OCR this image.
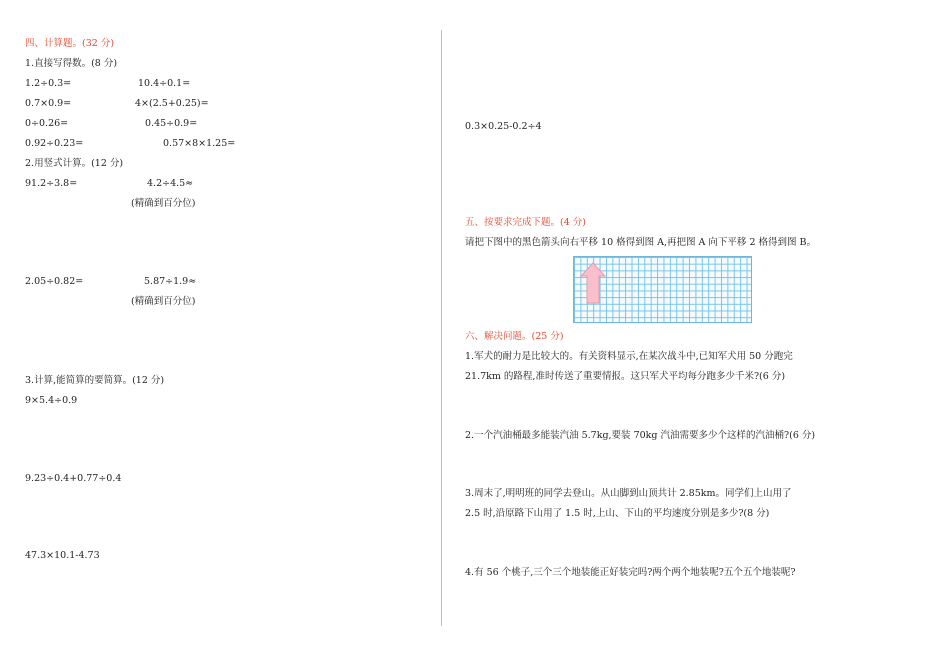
四、计算题。(32 分)
1.直接写得数。(8 分)
1.2÷0.3=	10.4÷0.1=
0.7×0.9=	4×(2.5+0.25)=
0÷0.26=	0.45÷0.9=
0.92÷0.23=	0.57×8×1.25=
2.用竖式计算。(12 分)
91.2÷3.8=	4.2÷4.5≈
(精确到百分位)
2.05÷0.82=	5.87÷1.9≈
(精确到百分位)
3.计算,能简算的要简算。(12 分)
9×5.4÷0.9
9.23÷0.4+0.77÷0.4
47.3×10.1-4.73
0.3×0.25-0.2÷4
五、按要求完成下题。(4 分)
请把下图中的黑色箭头向右平移 10 格得到图 A,再把图 A 向下平移 2 格得到图 B。
六、解决问题。(25 分)
1.军犬的耐力是比较大的。有关资料显示,在某次战斗中,已知军犬用 50 分跑完
21.7km 的路程,准时传送了重要情报。这只军犬平均每分跑多少千米?(6 分)
2.一个汽油桶最多能装汽油 5.7kg,要装 70kg 汽油需要多少个这样的汽油桶?(6 分)
3.周末了,明明班的同学去登山。从山脚到山顶共计 2.85km。同学们上山用了
2.5 时,沿原路下山用了 1.5 时,上山、下山的平均速度分别是多少?(8 分)
4.有 56 个桃子,三个三个地装能正好装完吗?两个两个地装呢?五个五个地装呢?
